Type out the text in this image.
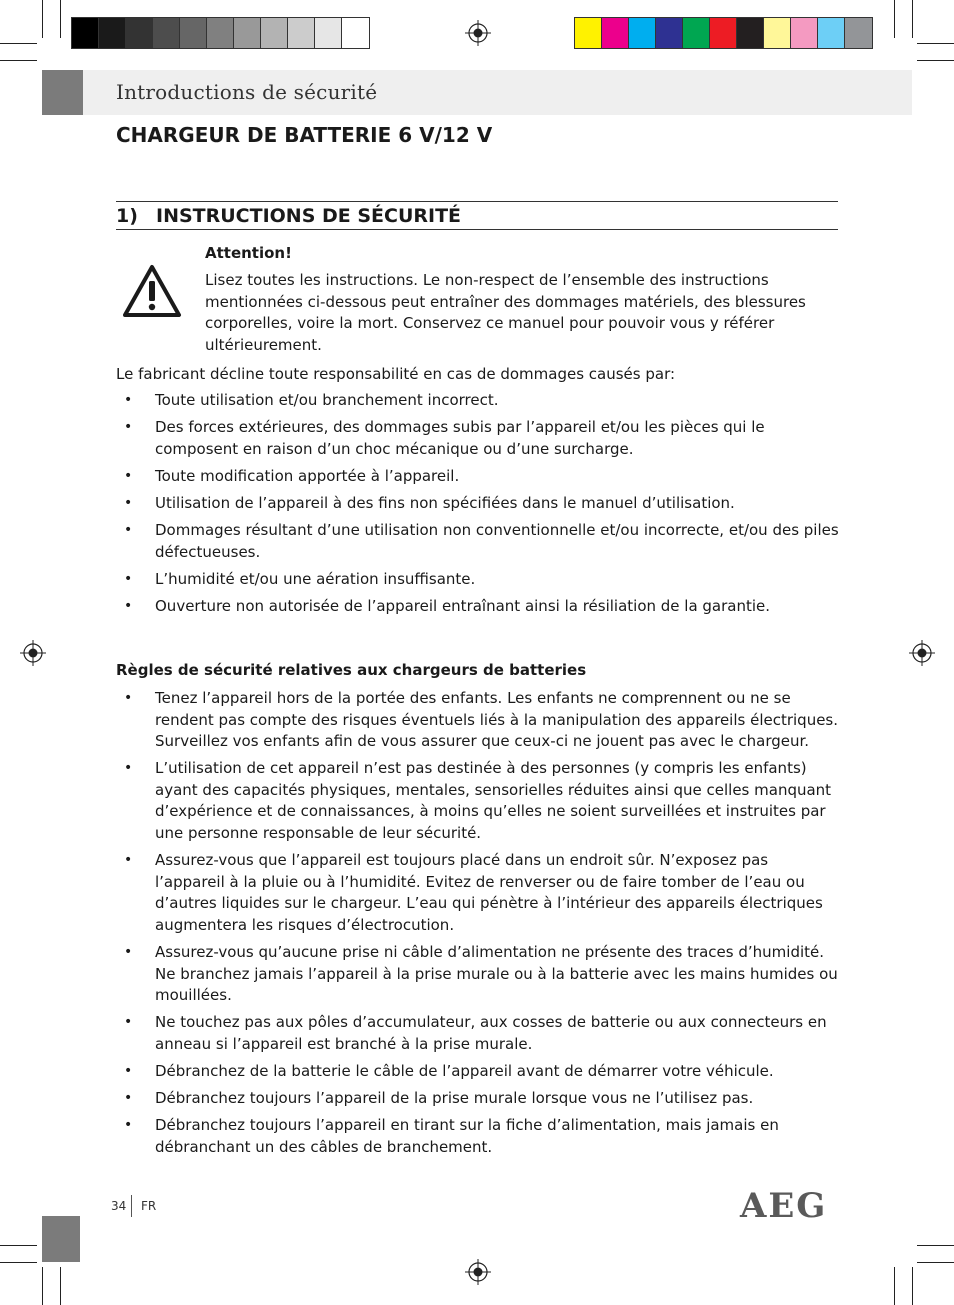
Introductions de sécurité
CHARGEUR DE BATTERIE 6 V/12 V
1) INSTRUCTIONS DE SÉCURITÉ
Attention!
Lisez toutes les instructions. Le non-respect de l’ensemble des instructions mentionnées ci-dessous peut entraîner des dommages matériels, des blessures corporelles, voire la mort. Conservez ce manuel pour pouvoir vous y référer ultérieurement.
Le fabricant décline toute responsabilité en cas de dommages causés par:
• Toute utilisation et/ou branchement incorrect.
• Des forces extérieures, des dommages subis par l’appareil et/ou les pièces qui le composent en raison d’un choc mécanique ou d’une surcharge.
• Toute modification apportée à l’appareil.
• Utilisation de l’appareil à des fins non spécifiées dans le manuel d’utilisation.
• Dommages résultant d’une utilisation non conventionnelle et/ou incorrecte, et/ou des piles défectueuses.
• L’humidité et/ou une aération insuffisante.
• Ouverture non autorisée de l’appareil entraînant ainsi la résiliation de la garantie.
Règles de sécurité relatives aux chargeurs de batteries
• Tenez l’appareil hors de la portée des enfants. Les enfants ne comprennent ou ne se rendent pas compte des risques éventuels liés à la manipulation des appareils électriques. Surveillez vos enfants afin de vous assurer que ceux-ci ne jouent pas avec le chargeur.
• L’utilisation de cet appareil n’est pas destinée à des personnes (y compris les enfants) ayant des capacités physiques, mentales, sensorielles réduites ainsi que celles manquant d’expérience et de connaissances, à moins qu’elles ne soient surveillées et instruites par une personne responsable de leur sécurité.
• Assurez-vous que l’appareil est toujours placé dans un endroit sûr. N’exposez pas l’appareil à la pluie ou à l’humidité. Evitez de renverser ou de faire tomber de l’eau ou d’autres liquides sur le chargeur. L’eau qui pénètre à l’intérieur des appareils électriques augmentera les risques d’électrocution.
• Assurez-vous qu’aucune prise ni câble d’alimentation ne présente des traces d’humidité. Ne branchez jamais l’appareil à la prise murale ou à la batterie avec les mains humides ou mouillées.
• Ne touchez pas aux pôles d’accumulateur, aux cosses de batterie ou aux connecteurs en anneau si l’appareil est branché à la prise murale.
• Débranchez de la batterie le câble de l’appareil avant de démarrer votre véhicule.
• Débranchez toujours l’appareil de la prise murale lorsque vous ne l’utilisez pas.
• Débranchez toujours l’appareil en tirant sur la fiche d’alimentation, mais jamais en débranchant un des câbles de branchement.
34 FR	AEG
